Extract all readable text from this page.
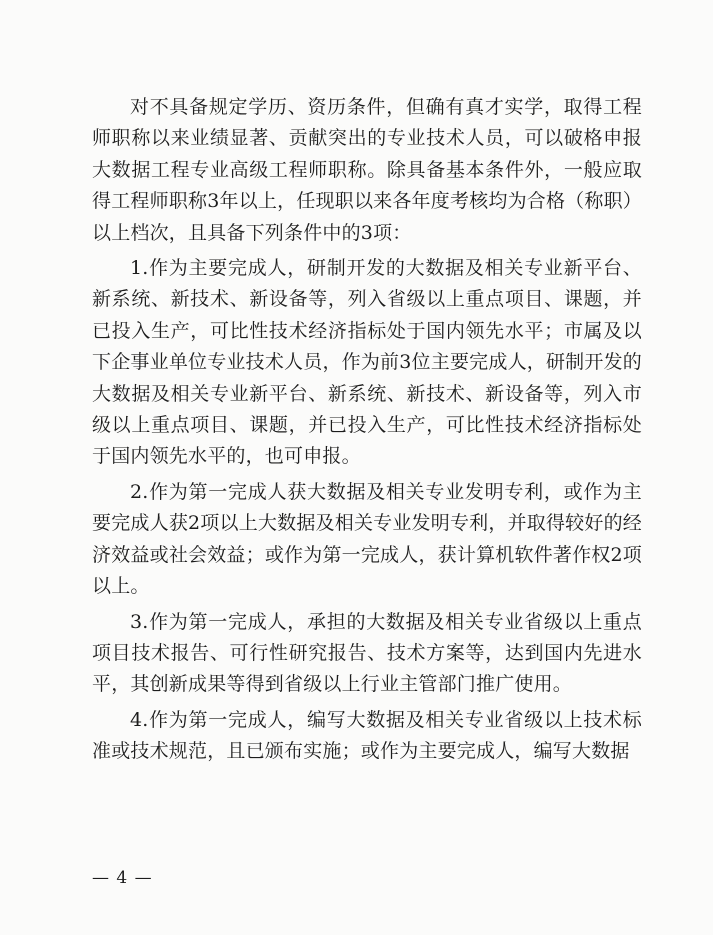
对不具备规定学历、资历条件，但确有真才实学，取得工程师职称以来业绩显著、贡献突出的专业技术人员，可以破格申报大数据工程专业高级工程师职称。除具备基本条件外，一般应取得工程师职称3年以上，任现职以来各年度考核均为合格（称职）以上档次，且具备下列条件中的3项：

1.作为主要完成人，研制开发的大数据及相关专业新平台、新系统、新技术、新设备等，列入省级以上重点项目、课题，并已投入生产，可比性技术经济指标处于国内领先水平；市属及以下企事业单位专业技术人员，作为前3位主要完成人，研制开发的大数据及相关专业新平台、新系统、新技术、新设备等，列入市级以上重点项目、课题，并已投入生产，可比性技术经济指标处于国内领先水平的，也可申报。

2.作为第一完成人获大数据及相关专业发明专利，或作为主要完成人获2项以上大数据及相关专业发明专利，并取得较好的经济效益或社会效益；或作为第一完成人，获计算机软件著作权2项以上。

3.作为第一完成人，承担的大数据及相关专业省级以上重点项目技术报告、可行性研究报告、技术方案等，达到国内先进水平，其创新成果等得到省级以上行业主管部门推广使用。

4.作为第一完成人，编写大数据及相关专业省级以上技术标准或技术规范，且已颁布实施；或作为主要完成人，编写大数据

— 4 —
